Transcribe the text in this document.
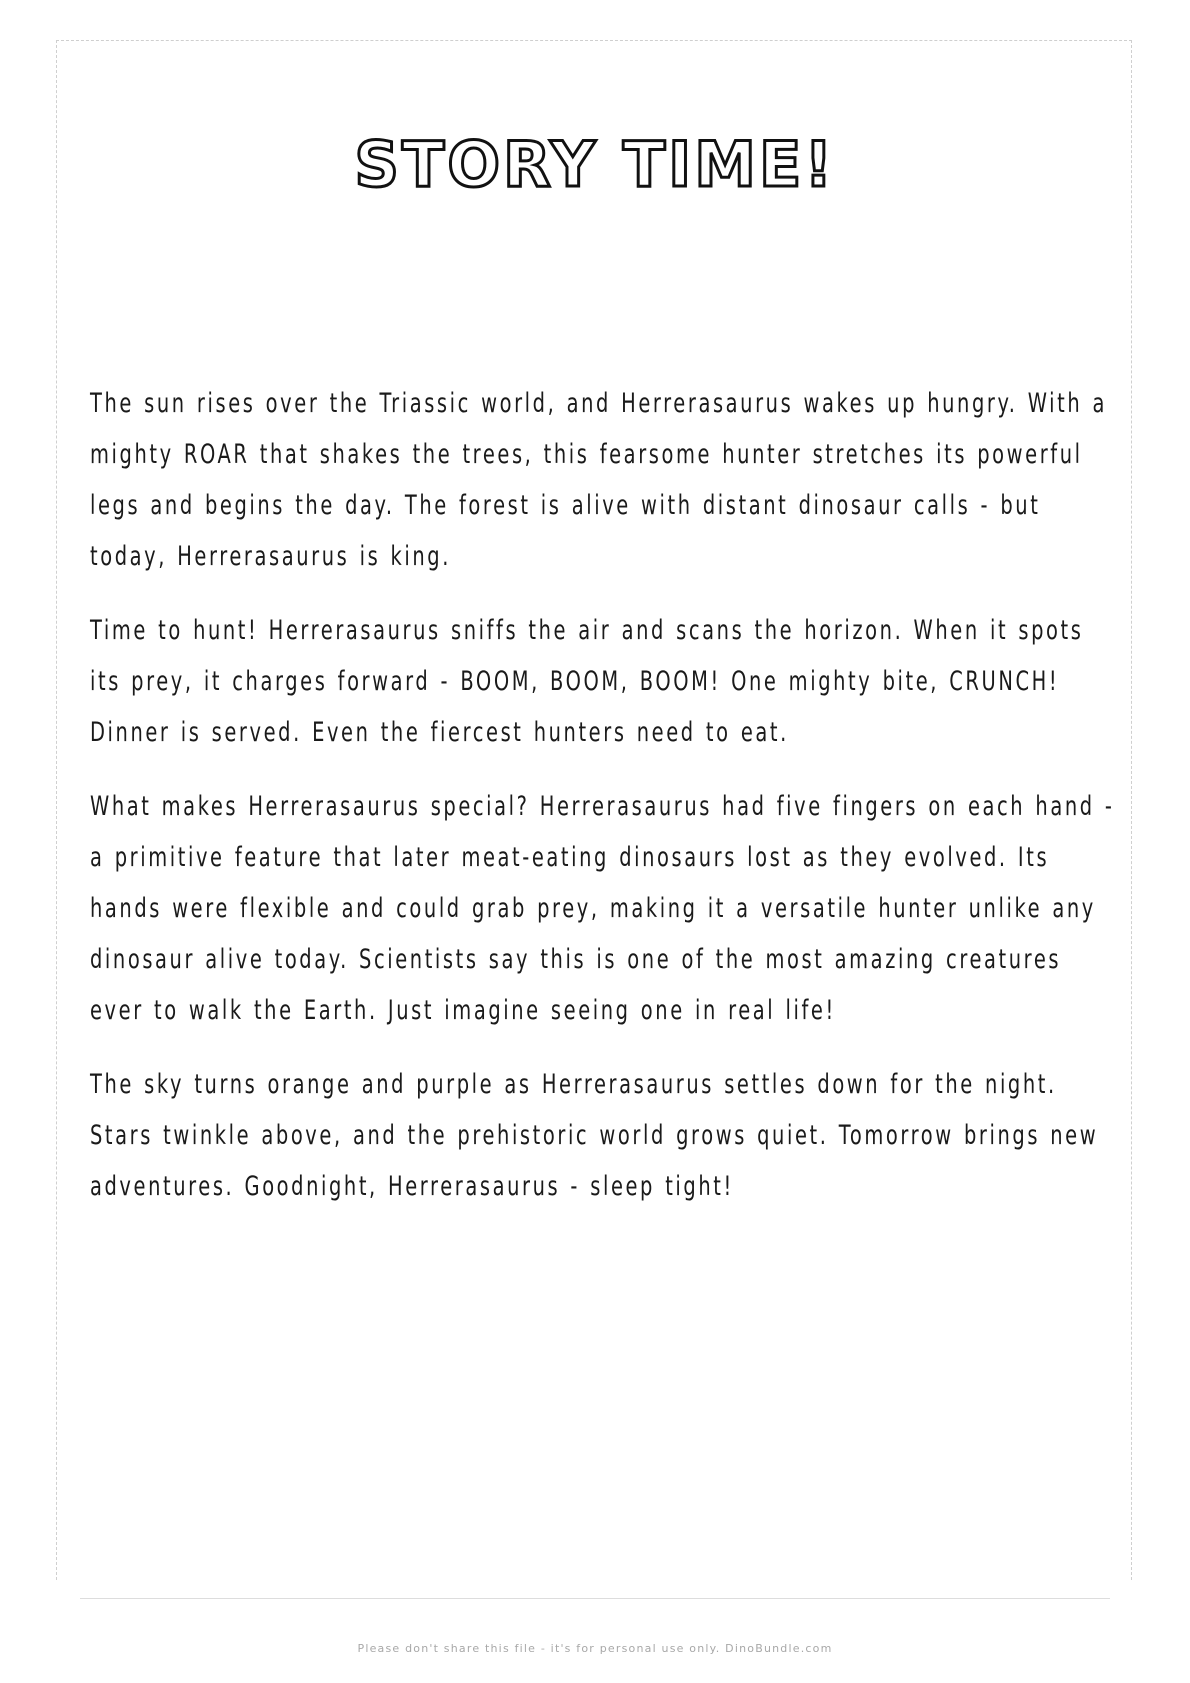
STORY TIME!

The sun rises over the Triassic world, and Herrerasaurus wakes up hungry. With a mighty ROAR that shakes the trees, this fearsome hunter stretches its powerful legs and begins the day. The forest is alive with distant dinosaur calls - but today, Herrerasaurus is king.

Time to hunt! Herrerasaurus sniffs the air and scans the horizon. When it spots its prey, it charges forward - BOOM, BOOM, BOOM! One mighty bite, CRUNCH! Dinner is served. Even the fiercest hunters need to eat.

What makes Herrerasaurus special? Herrerasaurus had five fingers on each hand - a primitive feature that later meat-eating dinosaurs lost as they evolved. Its hands were flexible and could grab prey, making it a versatile hunter unlike any dinosaur alive today. Scientists say this is one of the most amazing creatures ever to walk the Earth. Just imagine seeing one in real life!

The sky turns orange and purple as Herrerasaurus settles down for the night. Stars twinkle above, and the prehistoric world grows quiet. Tomorrow brings new adventures. Goodnight, Herrerasaurus - sleep tight!

Please don't share this file - it's for personal use only. DinoBundle.com
